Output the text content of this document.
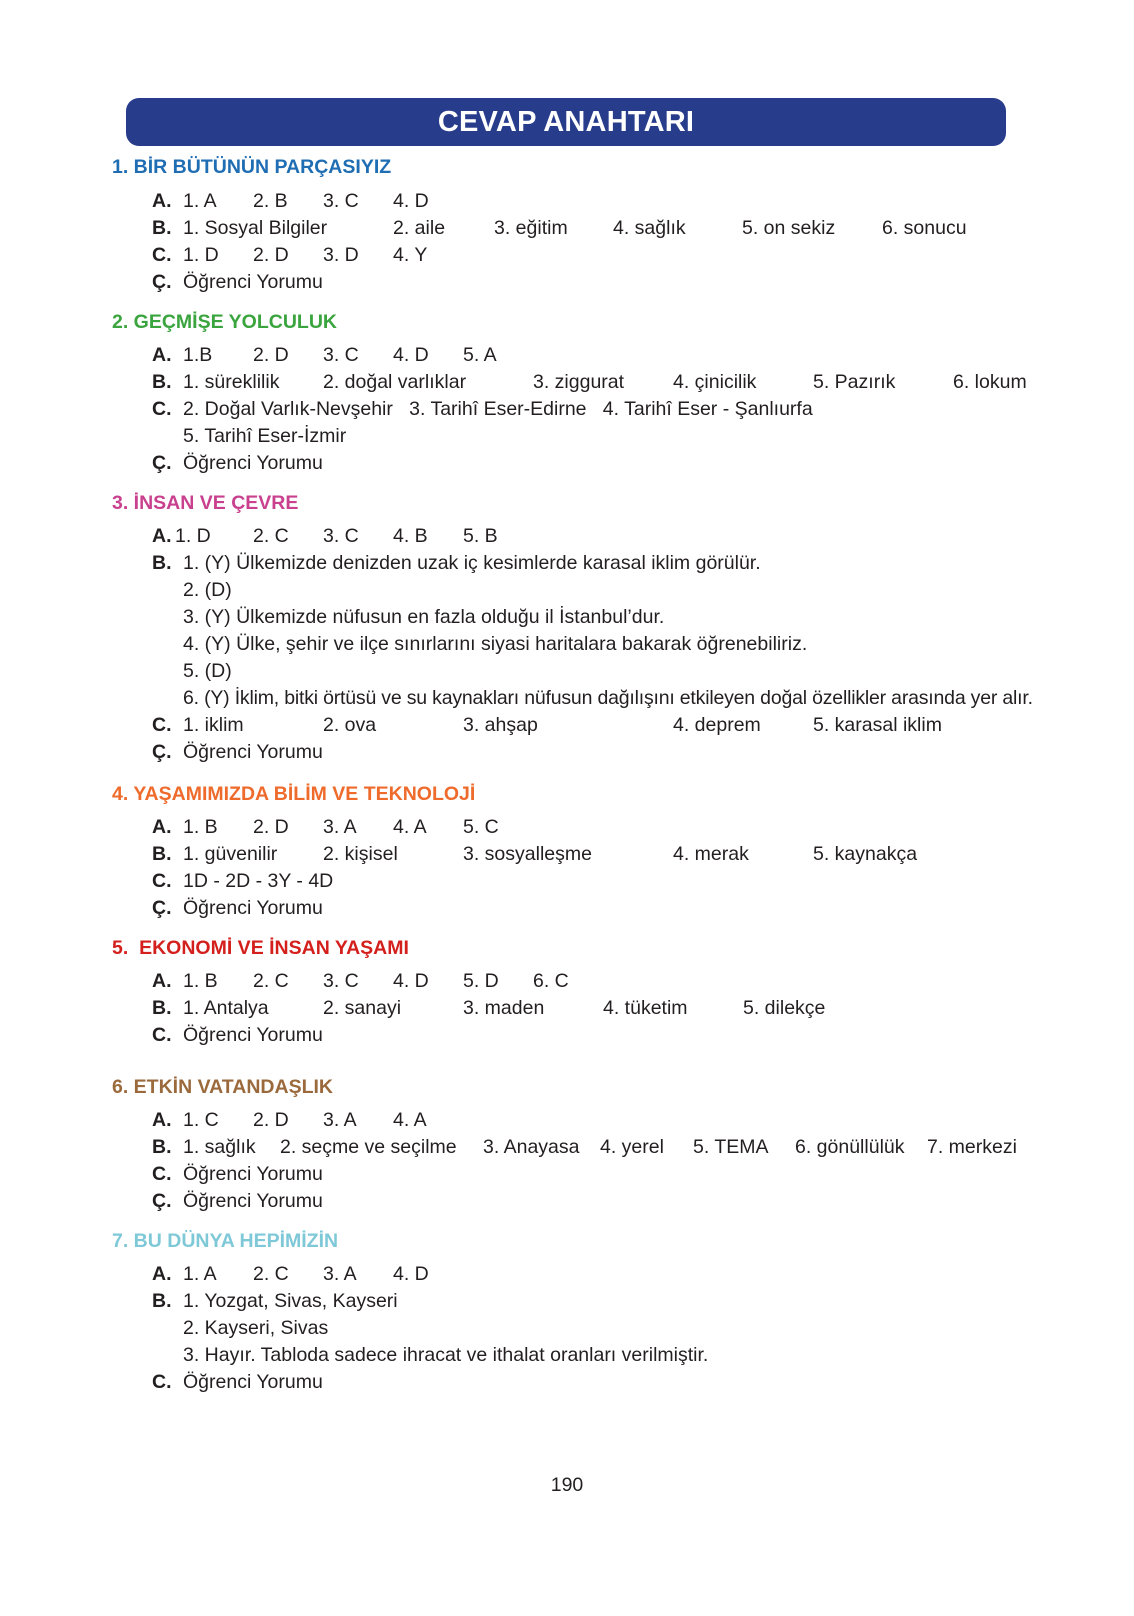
CEVAP ANAHTARI
1. BİR BÜTÜNÜN PARÇASIYIZ
A. 1. A 2. B 3. C 4. D
B. 1. Sosyal Bilgiler	2. aile	3. eğitim 4. sağlık	5. on sekiz 6. sonucu
C. 1. D 2. D 3. D 4. Y
Ç. Öğrenci Yorumu
2. GEÇMİŞE YOLCULUK
A. 1.B 2. D 3. C 4. D 5. A
B. 1. süreklilik 2. doğal varlıklar	3. ziggurat	4. çinicilik	5. Pazırık	6. lokum
C. 2. Doğal Varlık-Nevşehir   3. Tarihî Eser-Edirne   4. Tarihî Eser - Şanlıurfa
5. Tarihî Eser-İzmir
Ç. Öğrenci Yorumu
3. İNSAN VE ÇEVRE
A. 1. D 2. C 3. C 4. B 5. B
B. 1. (Y) Ülkemizde denizden uzak iç kesimlerde karasal iklim görülür.
2. (D)
3. (Y) Ülkemizde nüfusun en fazla olduğu il İstanbul’dur.
4. (Y) Ülke, şehir ve ilçe sınırlarını siyasi haritalara bakarak öğrenebiliriz.
5. (D)
6. (Y) İklim, bitki örtüsü ve su kaynakları nüfusun dağılışını etkileyen doğal özellikler arasında yer alır.
C. 1. iklim	2. ova	3. ahşap	4. deprem	5. karasal iklim
Ç. Öğrenci Yorumu
4. YAŞAMIMIZDA BİLİM VE TEKNOLOJİ
A. 1. B 2. D 3. A 4. A 5. C
B. 1. güvenilir 2. kişisel	3. sosyalleşme	4. merak	5. kaynakça
C. 1D - 2D - 3Y - 4D
Ç. Öğrenci Yorumu
5.  EKONOMİ VE İNSAN YAŞAMI
A. 1. B 2. C 3. C 4. D 5. D 6. C
B. 1. Antalya	2. sanayi	3. maden	4. tüketim	5. dilekçe
C. Öğrenci Yorumu
6. ETKİN VATANDAŞLIK
A. 1. C 2. D 3. A 4. A
B. 1. sağlık 2. seçme ve seçilme 3. Anayasa 4. yerel 5. TEMA 6. gönüllülük 7. merkezi
C. Öğrenci Yorumu
Ç. Öğrenci Yorumu
7. BU DÜNYA HEPİMİZİN
A. 1. A 2. C 3. A 4. D
B. 1. Yozgat, Sivas, Kayseri
2. Kayseri, Sivas
3. Hayır. Tabloda sadece ihracat ve ithalat oranları verilmiştir.
C. Öğrenci Yorumu
190
